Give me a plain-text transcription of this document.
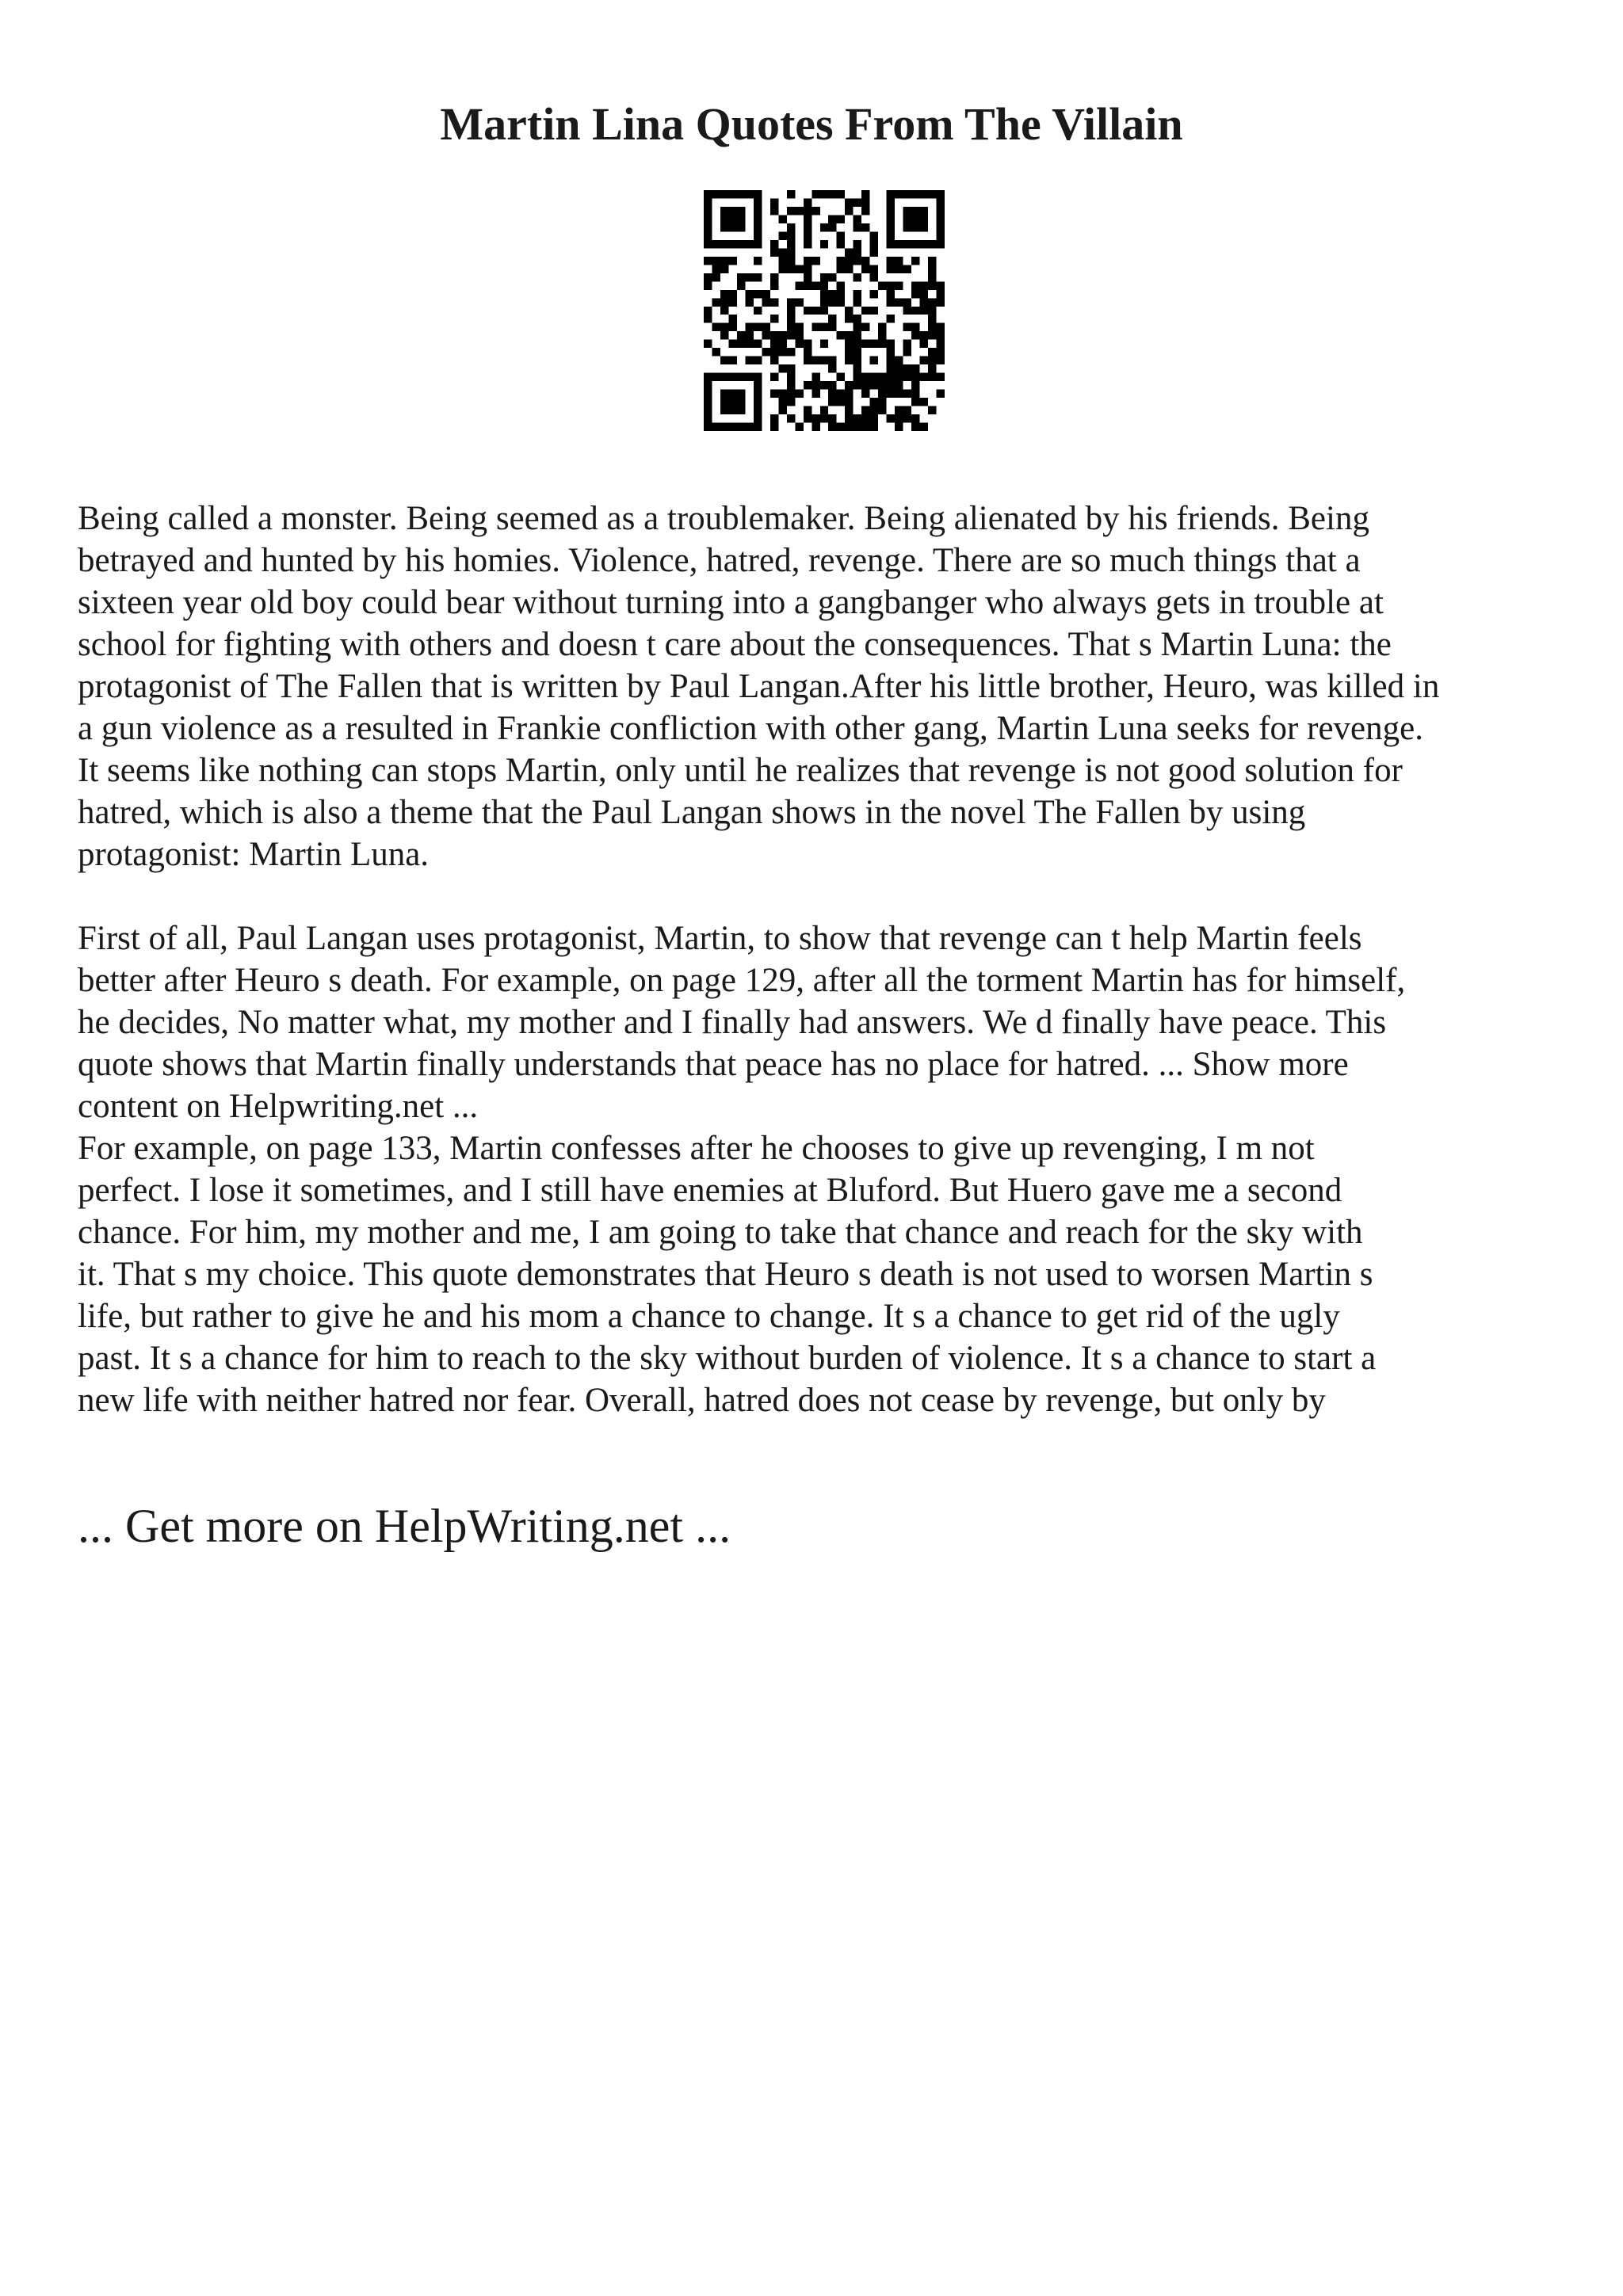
Martin Lina Quotes From The Villain

Being called a monster. Being seemed as a troublemaker. Being alienated by his friends. Being
betrayed and hunted by his homies. Violence, hatred, revenge. There are so much things that a
sixteen year old boy could bear without turning into a gangbanger who always gets in trouble at
school for fighting with others and doesn t care about the consequences. That s Martin Luna: the
protagonist of The Fallen that is written by Paul Langan.After his little brother, Heuro, was killed in
a gun violence as a resulted in Frankie confliction with other gang, Martin Luna seeks for revenge.
It seems like nothing can stops Martin, only until he realizes that revenge is not good solution for
hatred, which is also a theme that the Paul Langan shows in the novel The Fallen by using
protagonist: Martin Luna.

First of all, Paul Langan uses protagonist, Martin, to show that revenge can t help Martin feels
better after Heuro s death. For example, on page 129, after all the torment Martin has for himself,
he decides, No matter what, my mother and I finally had answers. We d finally have peace. This
quote shows that Martin finally understands that peace has no place for hatred. ... Show more
content on Helpwriting.net ...

For example, on page 133, Martin confesses after he chooses to give up revenging, I m not
perfect. I lose it sometimes, and I still have enemies at Bluford. But Huero gave me a second
chance. For him, my mother and me, I am going to take that chance and reach for the sky with
it. That s my choice. This quote demonstrates that Heuro s death is not used to worsen Martin s
life, but rather to give he and his mom a chance to change. It s a chance to get rid of the ugly
past. It s a chance for him to reach to the sky without burden of violence. It s a chance to start a
new life with neither hatred nor fear. Overall, hatred does not cease by revenge, but only by

... Get more on HelpWriting.net ...
